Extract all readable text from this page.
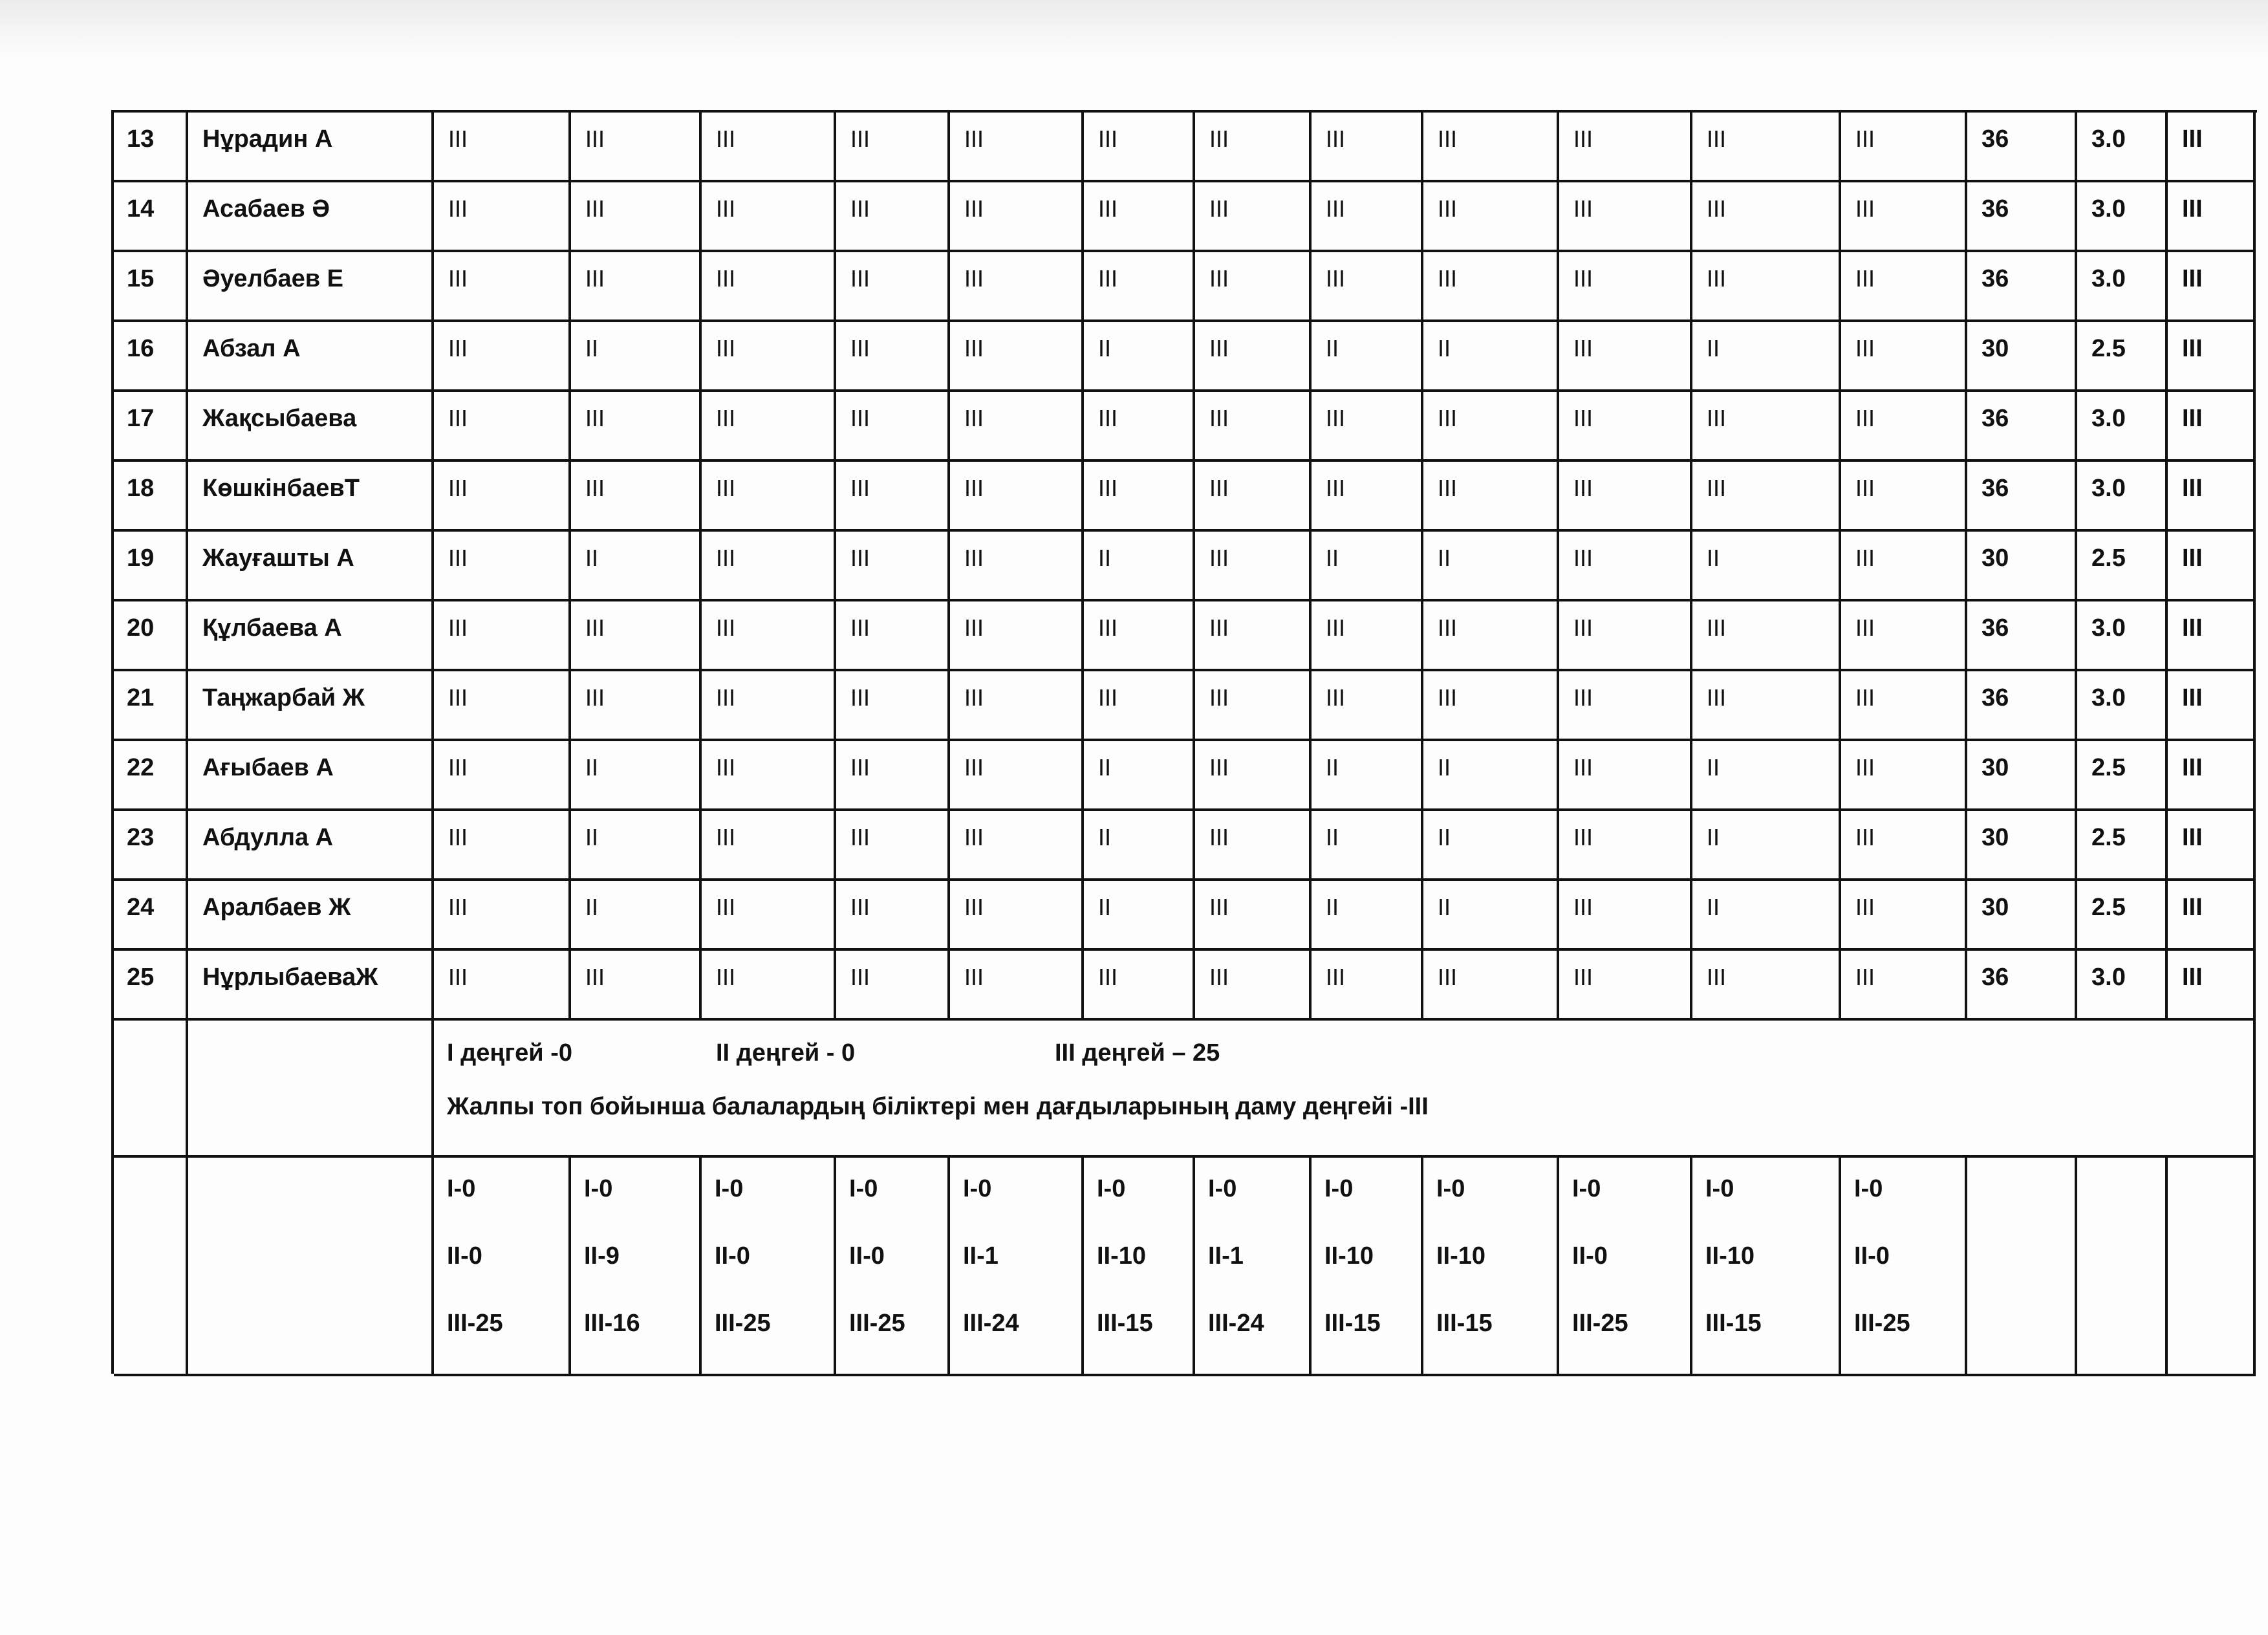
13	Нұрадин А	III	III	III	III	III	III	III	III	III	III	III	III	36	3.0	III
14	Асабаев Ә	III	III	III	III	III	III	III	III	III	III	III	III	36	3.0	III
15	Әуелбаев Е	III	III	III	III	III	III	III	III	III	III	III	III	36	3.0	III
16	Абзал А	III	II	III	III	III	II	III	II	II	III	II	III	30	2.5	III
17	Жақсыбаева	III	III	III	III	III	III	III	III	III	III	III	III	36	3.0	III
18	КөшкінбаевТ	III	III	III	III	III	III	III	III	III	III	III	III	36	3.0	III
19	Жауғашты А	III	II	III	III	III	II	III	II	II	III	II	III	30	2.5	III
20	Құлбаева А	III	III	III	III	III	III	III	III	III	III	III	III	36	3.0	III
21	Таңжарбай Ж	III	III	III	III	III	III	III	III	III	III	III	III	36	3.0	III
22	Ағыбаев А	III	II	III	III	III	II	III	II	II	III	II	III	30	2.5	III
23	Абдулла А	III	II	III	III	III	II	III	II	II	III	II	III	30	2.5	III
24	Аралбаев Ж	III	II	III	III	III	II	III	II	II	III	II	III	30	2.5	III
25	НұрлыбаеваЖ	III	III	III	III	III	III	III	III	III	III	III	III	36	3.0	III
I деңгей -0	II деңгей - 0	III деңгей – 25
Жалпы топ бойынша балалардың біліктері мен дағдыларының даму деңгейі -III
I-0
II-0
III-25
I-0
II-9
III-16
I-0
II-0
III-25
I-0
II-0
III-25
I-0
II-1
III-24
I-0
II-10
III-15
I-0
II-1
III-24
I-0
II-10
III-15
I-0
II-10
III-15
I-0
II-0
III-25
I-0
II-10
III-15
I-0
II-0
III-25
